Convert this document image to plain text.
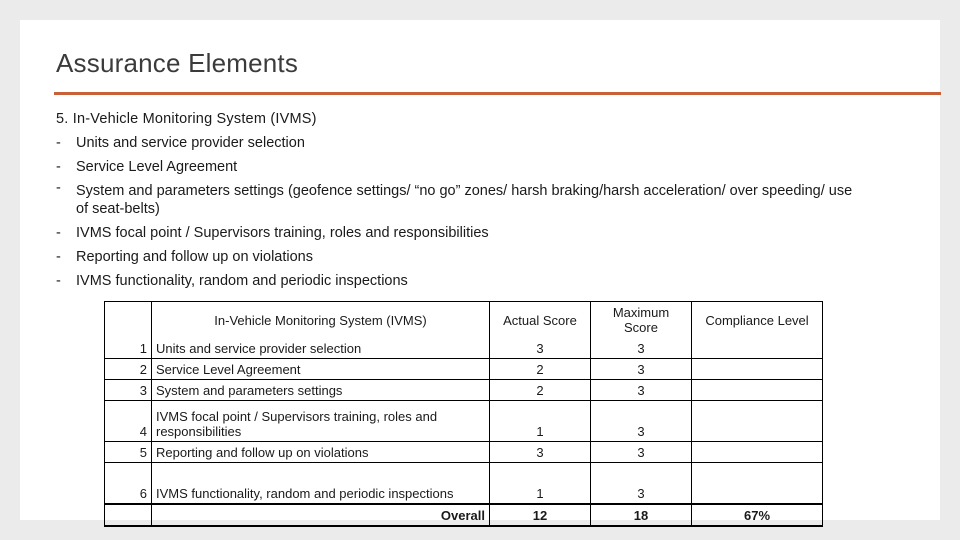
Assurance Elements
5. In-Vehicle Monitoring System (IVMS)
- Units and service provider selection
- Service Level Agreement
- System and parameters settings (geofence settings/ “no go” zones/ harsh braking/harsh acceleration/ over speeding/ use of seat-belts)
- IVMS focal point / Supervisors training, roles and responsibilities
- Reporting and follow up on violations
- IVMS functionality, random and periodic inspections
	In-Vehicle Monitoring System (IVMS)	Actual Score	Maximum Score	Compliance Level
1	Units and service provider selection	3	3	
2	Service Level Agreement	2	3	
3	System and parameters settings	2	3	
4	IVMS focal point / Supervisors training, roles and responsibilities	1	3	
5	Reporting and follow up on violations	3	3	
6	IVMS functionality, random and periodic inspections	1	3	
	Overall	12	18	67%
